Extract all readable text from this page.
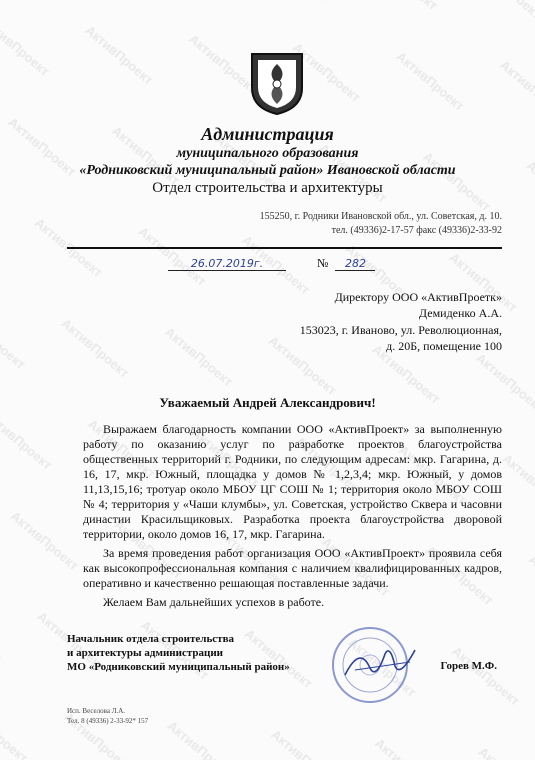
Администрация
муниципального образования
«Родниковский муниципальный район» Ивановской области
Отдел строительства и архитектуры
155250, г. Родники Ивановской обл., ул. Советская, д. 10.
тел. (49336)2-17-57 факс (49336)2-33-92
26.07.2019г.	№ 282
Директору ООО «АктивПроетк»
Демиденко А.А.
153023, г. Иваново, ул. Революционная,
д. 20Б, помещение 100
Уважаемый Андрей Александрович!

Выражаем благодарность компании ООО «АктивПроект» за выполненную работу по оказанию услуг по разработке проектов благоустройства общественных территорий г. Родники, по следующим адресам: мкр. Гагарина, д. 16, 17, мкр. Южный, площадка у домов № 1,2,3,4; мкр. Южный, у домов 11,13,15,16; тротуар около МБОУ ЦГ СОШ № 1; территория около МБОУ СОШ № 4; территория у «Чаши клумбы», ул. Советская, устройство Сквера и часовни династии Красильщиковых. Разработка проекта благоустройства дворовой территории, около домов 16, 17, мкр. Гагарина.

За время проведения работ организация ООО «АктивПроект» проявила себя как высокопрофессиональная компания с наличием квалифицированных кадров, оперативно и качественно решающая поставленные задачи.

Желаем Вам дальнейших успехов в работе.

Начальник отдела строительства
и архитектуры администрации
МО «Родниковский муниципальный район»	Горев М.Ф.
Исп. Веселова Л.А.
Тел. 8 (49336) 2-33-92* 157
